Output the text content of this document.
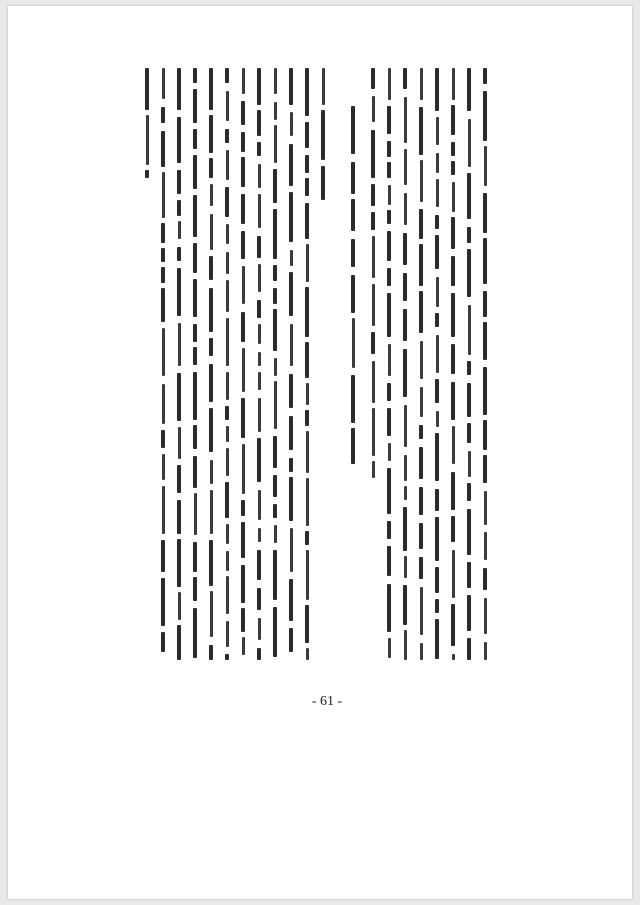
- 61 -
